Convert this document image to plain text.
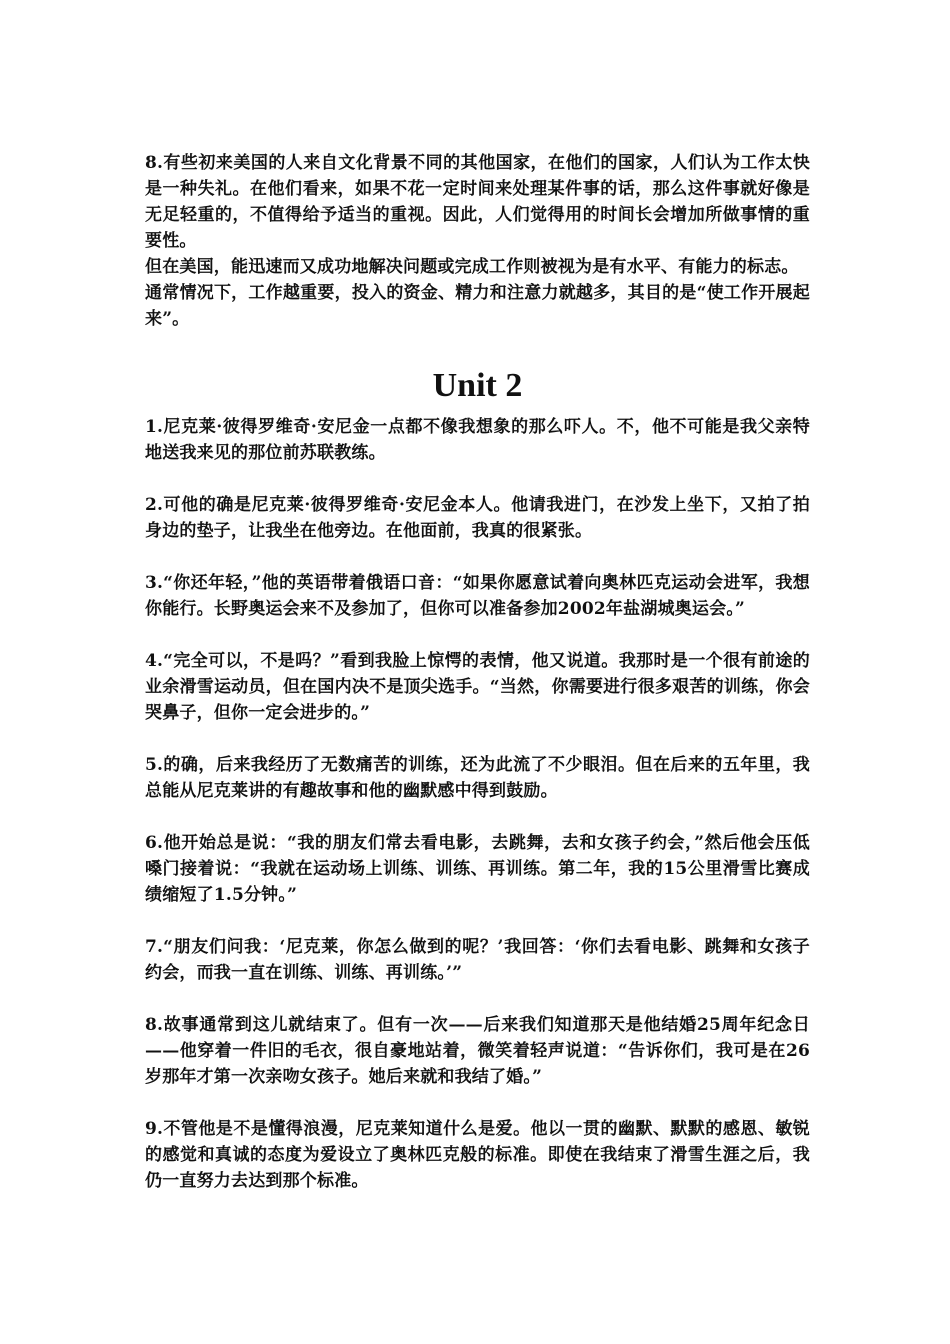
8.有些初来美国的人来自文化背景不同的其他国家，在他们的国家，人们认为工作太快是一种失礼。在他们看来，如果不花一定时间来处理某件事的话，那么这件事就好像是无足轻重的，不值得给予适当的重视。因此，人们觉得用的时间长会增加所做事情的重要性。

但在美国，能迅速而又成功地解决问题或完成工作则被视为是有水平、有能力的标志。

通常情况下，工作越重要，投入的资金、精力和注意力就越多，其目的是“使工作开展起来”。

Unit 2

1.尼克莱·彼得罗维奇·安尼金一点都不像我想象的那么吓人。不，他不可能是我父亲特地送我来见的那位前苏联教练。

2.可他的确是尼克莱·彼得罗维奇·安尼金本人。他请我进门，在沙发上坐下，又拍了拍身边的垫子，让我坐在他旁边。在他面前，我真的很紧张。

3.“你还年轻，”他的英语带着俄语口音：“如果你愿意试着向奥林匹克运动会进军，我想你能行。长野奥运会来不及参加了，但你可以准备参加2002年盐湖城奥运会。”

4.“完全可以，不是吗？”看到我脸上惊愕的表情，他又说道。我那时是一个很有前途的业余滑雪运动员，但在国内决不是顶尖选手。“当然，你需要进行很多艰苦的训练，你会哭鼻子，但你一定会进步的。”

5.的确，后来我经历了无数痛苦的训练，还为此流了不少眼泪。但在后来的五年里，我总能从尼克莱讲的有趣故事和他的幽默感中得到鼓励。

6.他开始总是说：“我的朋友们常去看电影，去跳舞，去和女孩子约会，”然后他会压低嗓门接着说：“我就在运动场上训练、训练、再训练。第二年，我的15公里滑雪比赛成绩缩短了1.5分钟。”

7.“朋友们问我：‘尼克莱，你怎么做到的呢？’我回答：‘你们去看电影、跳舞和女孩子约会，而我一直在训练、训练、再训练。’”

8.故事通常到这儿就结束了。但有一次——后来我们知道那天是他结婚25周年纪念日——他穿着一件旧的毛衣，很自豪地站着，微笑着轻声说道：“告诉你们，我可是在26岁那年才第一次亲吻女孩子。她后来就和我结了婚。”

9.不管他是不是懂得浪漫，尼克莱知道什么是爱。他以一贯的幽默、默默的感恩、敏锐的感觉和真诚的态度为爱设立了奥林匹克般的标准。即使在我结束了滑雪生涯之后，我仍一直努力去达到那个标准。
